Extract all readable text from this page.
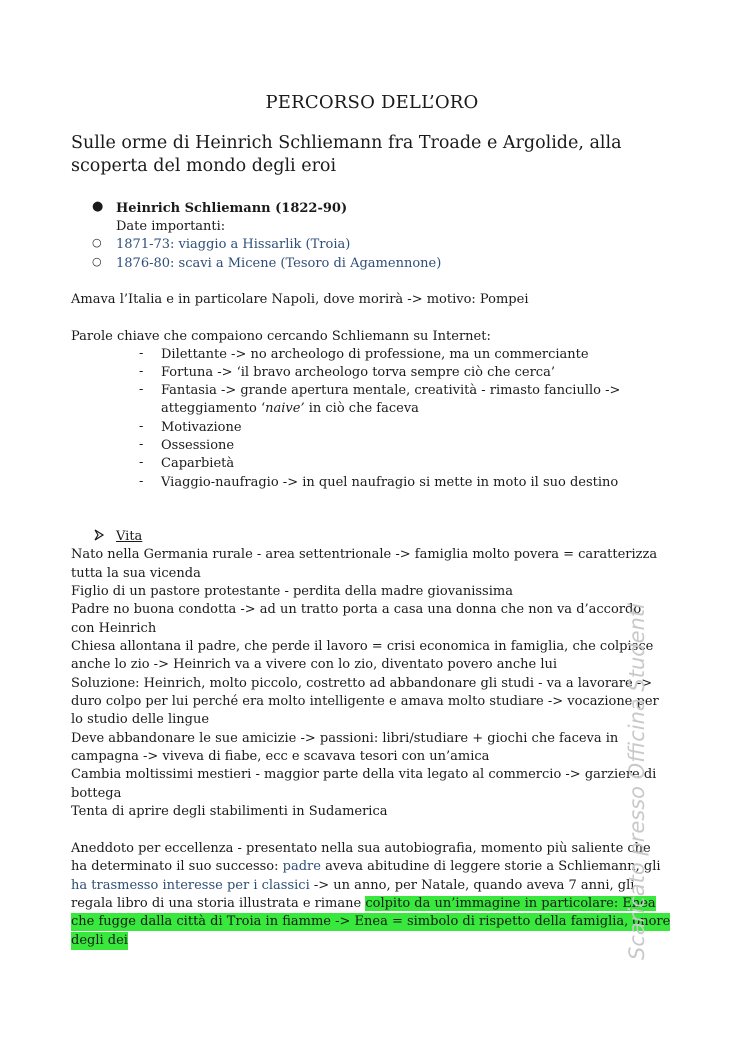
PERCORSO DELL’ORO
Sulle orme di Heinrich Schliemann fra Troade e Argolide, alla
scoperta del mondo degli eroi
● Heinrich Schliemann (1822-90)
Date importanti:
○ 1871-73: viaggio a Hissarlik (Troia)
○ 1876-80: scavi a Micene (Tesoro di Agamennone)
Amava l’Italia e in particolare Napoli, dove morirà -> motivo: Pompei
Parole chiave che compaiono cercando Schliemann su Internet:
- Dilettante -> no archeologo di professione, ma un commerciante
- Fortuna -> ‘il bravo archeologo torva sempre ciò che cerca’
- Fantasia -> grande apertura mentale, creatività - rimasto fanciullo ->
atteggiamento ‘naive’ in ciò che faceva
- Motivazione
- Ossessione
- Caparbietà
- Viaggio-naufragio -> in quel naufragio si mette in moto il suo destino
Vita
Nato nella Germania rurale - area settentrionale -> famiglia molto povera = caratterizza
tutta la sua vicenda
Figlio di un pastore protestante - perdita della madre giovanissima
Padre no buona condotta -> ad un tratto porta a casa una donna che non va d’accordo
con Heinrich
Chiesa allontana il padre, che perde il lavoro = crisi economica in famiglia, che colpisce
anche lo zio -> Heinrich va a vivere con lo zio, diventato povero anche lui
Soluzione: Heinrich, molto piccolo, costretto ad abbandonare gli studi - va a lavorare ->
duro colpo per lui perché era molto intelligente e amava molto studiare -> vocazione per
lo studio delle lingue
Deve abbandonare le sue amicizie -> passioni: libri/studiare + giochi che faceva in
campagna -> viveva di fiabe, ecc e scavava tesori con un’amica
Cambia moltissimi mestieri - maggior parte della vita legato al commercio -> garziere di
bottega
Tenta di aprire degli stabilimenti in Sudamerica
Aneddoto per eccellenza - presentato nella sua autobiografia, momento più saliente che
ha determinato il suo successo: padre aveva abitudine di leggere storie a Schliemann, gli
ha trasmesso interesse per i classici -> un anno, per Natale, quando aveva 7 anni, gli
regala libro di una storia illustrata e rimane colpito da un’immagine in particolare: Enea
che fugge dalla città di Troia in fiamme -> Enea = simbolo di rispetto della famiglia, onore
degli dei	Scaricato presso Officina Studenti
